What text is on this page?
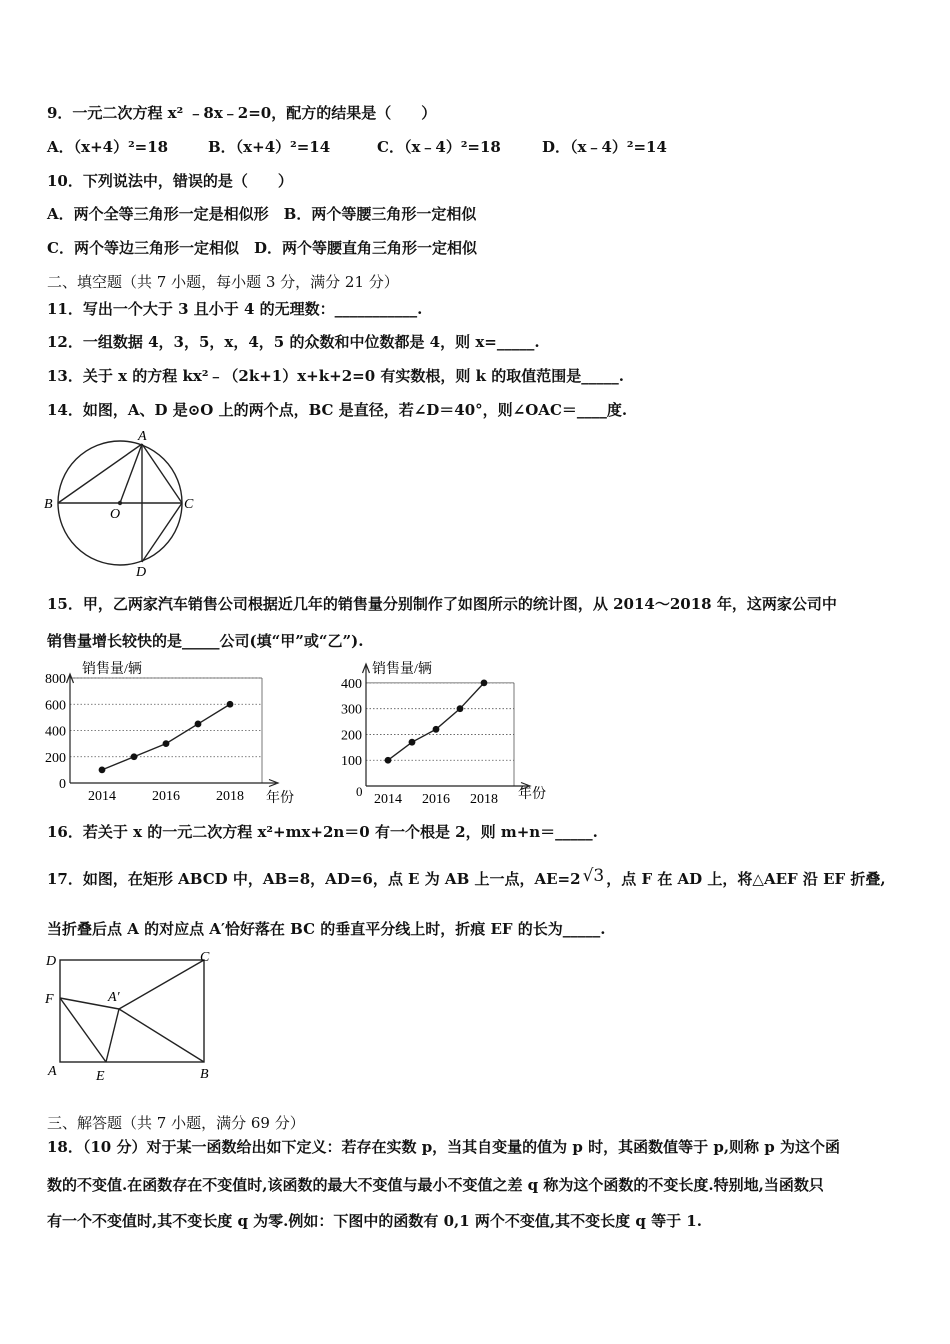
9．一元二次方程 x² ﹣8x﹣2=0，配方的结果是（　　）
A．（x+4）²=18	B．（x+4）²=14	C．（x﹣4）²=18	D．（x﹣4）²=14
10．下列说法中，错误的是（　　）
A．两个全等三角形一定是相似形　B．两个等腰三角形一定相似
C．两个等边三角形一定相似　D．两个等腰直角三角形一定相似
二、填空题（共 7 小题，每小题 3 分，满分 21 分）
11．写出一个大于 3 且小于 4 的无理数：___________.
12．一组数据 4，3，5，x，4，5 的众数和中位数都是 4，则 x=_____.
13．关于 x 的方程 kx²﹣（2k+1）x+k+2=0 有实数根，则 k 的取值范围是_____.
14．如图，A、D 是⊙O 上的两个点，BC 是直径，若∠D＝40°，则∠OAC＝____度.
A
B	C
D
O
15．甲，乙两家汽车销售公司根据近几年的销售量分别制作了如图所示的统计图，从 2014～2018 年，这两家公司中
销售量增长较快的是_____公司(填“甲”或“乙”).
销售量/辆
年份
0
200
400
600
800
2014	2016	2018
销售量/辆
年份
0
100
200
300
400
2014 2016 2018
16．若关于 x 的一元二次方程 x²+mx+2n＝0 有一个根是 2，则 m+n＝_____.
17．如图，在矩形 ABCD 中，AB=8，AD=6，点 E 为 AB 上一点，AE=2 √3 ，点 F 在 AD 上，将△AEF 沿 EF 折叠,
当折叠后点 A 的对应点 A′恰好落在 BC 的垂直平分线上时，折痕 EF 的长为_____.
D	C
F	A′
A	E	B
三、解答题（共 7 小题，满分 69 分）
18．（10 分）对于某一函数给出如下定义：若存在实数 p，当其自变量的值为 p 时，其函数值等于 p,则称 p 为这个函
数的不变值.在函数存在不变值时,该函数的最大不变值与最小不变值之差 q 称为这个函数的不变长度.特别地,当函数只
有一个不变值时,其不变长度 q 为零.例如：下图中的函数有 0,1 两个不变值,其不变长度 q 等于 1.
